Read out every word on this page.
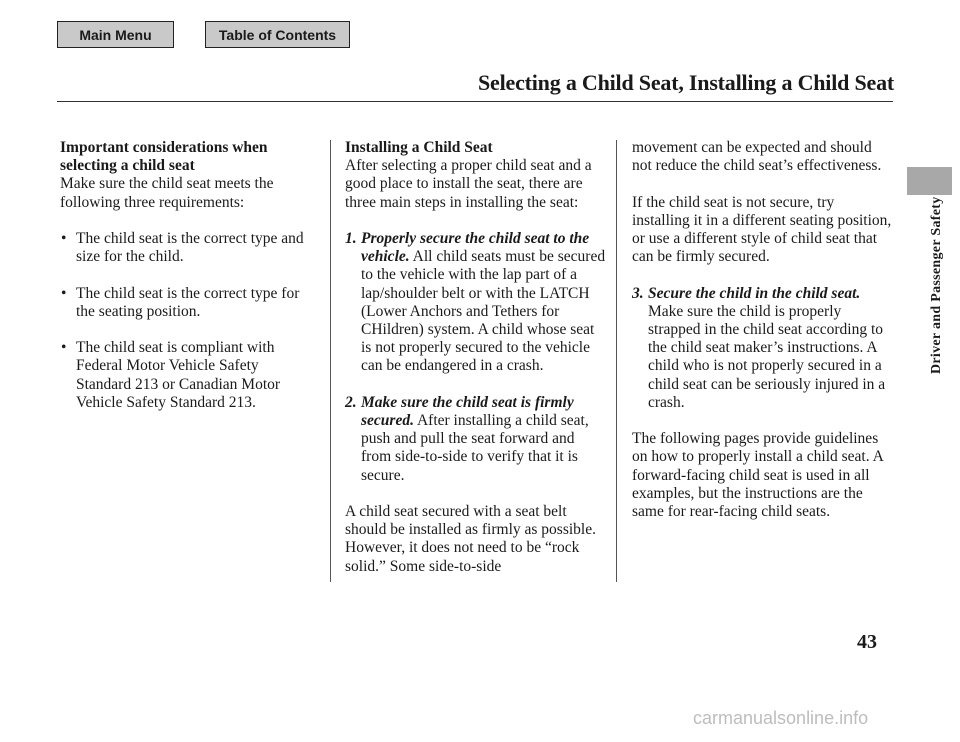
Main Menu	Table of Contents
Selecting a Child Seat, Installing a Child Seat

Important considerations when
selecting a child seat

Make sure the child seat meets the following three requirements:

• The child seat is the correct type and size for the child.
• The child seat is the correct type for the seating position.
• The child seat is compliant with Federal Motor Vehicle Safety Standard 213 or Canadian Motor Vehicle Safety Standard 213.

Installing a Child Seat

After selecting a proper child seat and a good place to install the seat, there are three main steps in installing the seat:

1. Properly secure the child seat to the vehicle. All child seats must be secured to the vehicle with the lap part of a lap/shoulder belt or with the LATCH (Lower Anchors and Tethers for CHildren) system. A child whose seat is not properly secured to the vehicle can be endangered in a crash.
2. Make sure the child seat is firmly secured. After installing a child seat, push and pull the seat forward and from side-to-side to verify that it is secure.

A child seat secured with a seat belt should be installed as firmly as possible. However, it does not need to be “rock solid.” Some side-to-side

movement can be expected and should not reduce the child seat’s effectiveness.

If the child seat is not secure, try installing it in a different seating position, or use a different style of child seat that can be firmly secured.

3. Secure the child in the child seat.
Make sure the child is properly strapped in the child seat according to the child seat maker’s instructions. A child who is not properly secured in a child seat can be seriously injured in a crash.

The following pages provide guidelines on how to properly install a child seat. A forward-facing child seat is used in all examples, but the instructions are the same for rear-facing child seats.

Driver and Passenger Safety
43
carmanualsonline.info
